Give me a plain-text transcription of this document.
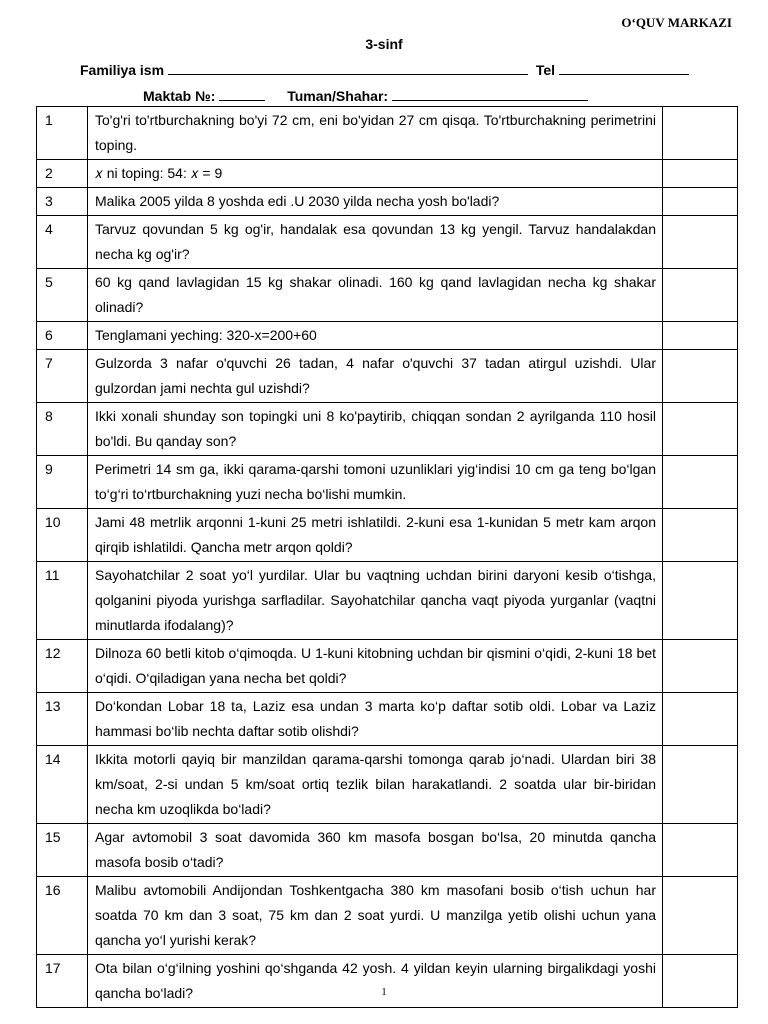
O‘QUV MARKAZI
3-sinf
Familiya ism	Tel
Maktab №:	Tuman/Shahar:
1	To'g'ri to'rtburchakning bo'yi 72 cm, eni bo'yidan 27 cm qisqa. To'rtburchakning perimetrini toping.	
2	𝑥 ni toping: 54: 𝑥 = 9	
3	Malika 2005 yilda 8 yoshda edi .U 2030 yilda necha yosh bo'ladi?	
4	Tarvuz qovundan 5 kg og'ir, handalak esa qovundan 13 kg yengil. Tarvuz handalakdan necha kg og'ir?	
5	60 kg qand lavlagidan 15 kg shakar olinadi. 160 kg qand lavlagidan necha kg shakar olinadi?	
6	Tenglamani yeching: 320-x=200+60	
7	Gulzorda 3 nafar o'quvchi 26 tadan, 4 nafar o'quvchi 37 tadan atirgul uzishdi. Ular gulzordan jami nechta gul uzishdi?	
8	Ikki xonali shunday son topingki uni 8 ko'paytirib, chiqqan sondan 2 ayrilganda 110 hosil bo'ldi. Bu qanday son?	
9	Perimetri 14 sm ga, ikki qarama-qarshi tomoni uzunliklari yig‘indisi 10 cm ga teng bo‘lgan to‘g‘ri to‘rtburchakning yuzi necha bo‘lishi mumkin.	
10	Jami 48 metrlik arqonni 1-kuni 25 metri ishlatildi. 2-kuni esa 1-kunidan 5 metr kam arqon qirqib ishlatildi. Qancha metr arqon qoldi?	
11	Sayohatchilar 2 soat yo‘l yurdilar. Ular bu vaqtning uchdan birini daryoni kesib o‘tishga, qolganini piyoda yurishga sarfladilar. Sayohatchilar qancha vaqt piyoda yurganlar (vaqtni minutlarda ifodalang)?	
12	Dilnoza 60 betli kitob o‘qimoqda. U 1-kuni kitobning uchdan bir qismini o‘qidi, 2-kuni 18 bet o‘qidi. O‘qiladigan yana necha bet qoldi?	
13	Do‘kondan Lobar 18 ta, Laziz esa undan 3 marta ko‘p daftar sotib oldi. Lobar va Laziz hammasi bo‘lib nechta daftar sotib olishdi?	
14	Ikkita motorli qayiq bir manzildan qarama-qarshi tomonga qarab jo‘nadi. Ulardan biri 38 km/soat, 2-si undan 5 km/soat ortiq tezlik bilan harakatlandi. 2 soatda ular bir-biridan necha km uzoqlikda bo‘ladi?	
15	Agar avtomobil 3 soat davomida 360 km masofa bosgan bo‘lsa, 20 minutda qancha masofa bosib o‘tadi?	
16	Malibu avtomobili Andijondan Toshkentgacha 380 km masofani bosib o‘tish uchun har soatda 70 km dan 3 soat, 75 km dan 2 soat yurdi. U manzilga yetib olishi uchun yana qancha yo‘l yurishi kerak?	
17	Ota bilan o‘g‘ilning yoshini qo‘shganda 42 yosh. 4 yildan keyin ularning birgalikdagi yoshi qancha bo‘ladi?		1
